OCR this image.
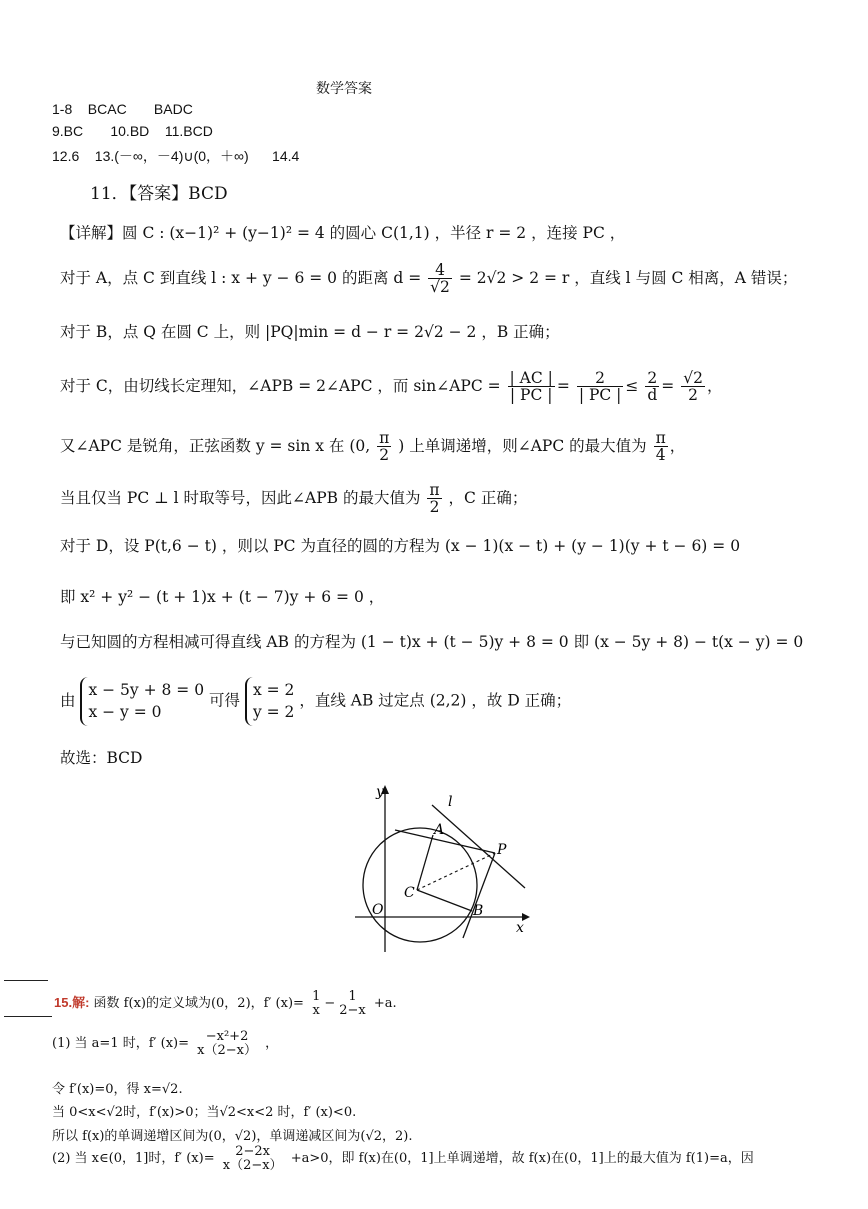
数学答案
1-8    BCAC       BADC
9.BC       10.BD    11.BCD
12.6    13.(－∞，－4)∪(0，＋∞)      14.4
11．【答案】BCD
【详解】圆 C : (x−1)² + (y−1)² = 4 的圆心 C(1,1) ，半径 r = 2 ，连接 PC ，
对于 A，点 C 到直线 l : x + y − 6 = 0 的距离 $d = \frac{4}{√2} = 2√2 > 2 = r$ ，直线 l 与圆 C 相离，A 错误；
对于 B，点 Q 在圆 C 上，则 |PQ|min = d − r = 2√2 − 2 ，B 正确；
对于 C，由切线长定理知，∠APB = 2∠APC ，而 sin∠APC = $\frac{| AC |}{| PC |} = \frac{2}{| PC |} \le \frac{2}{d} = \frac{√2}{2}$ ，
又∠APC 是锐角，正弦函数 y = sin x 在 (0, $\frac{\pi}{2}$ ) 上单调递增，则∠APC 的最大值为 $\frac{\pi}{4}$ ，
当且仅当 PC ⊥ l 时取等号，因此∠APB 的最大值为 $\frac{\pi}{2}$ ，C 正确；
对于 D，设 P(t,6 − t) ，则以 PC 为直径的圆的方程为 (x − 1)(x − t) + (y − 1)(y + t − 6) = 0
即 x² + y² − (t + 1)x + (t − 7)y + 6 = 0 ，
与已知圆的方程相减可得直线 AB 的方程为 (1 − t)x + (t − 5)y + 8 = 0 即 (x − 5y + 8) − t(x − y) = 0
由
x − 5y + 8 = 0
x − y = 0
可得
x = 2
y = 2
，直线 AB 过定点 (2,2) ，故 D 正确；
故选：BCD
y
x
l
A
P
C
O	B
15.解: 函数 f(x)的定义域为(0，2)，f′ (x)= 1
x −	1
2−x +a.
(1) 当 a=1 时，f′ (x)=	−x²+2
x（2−x） ，
令 f′(x)=0，得 x=√2.
当 0<x<√2时，f′(x)>0；当√2<x<2 时，f′ (x)<0.
所以 f(x)的单调递增区间为(0，√2)，单调递减区间为(√2，2).
(2) 当 x∈(0，1]时，f′ (x)=	2−2x
x（2−x） +a>0，即 f(x)在(0，1]上单调递增，故 f(x)在(0，1]上的最大值为 f(1)=a，因
